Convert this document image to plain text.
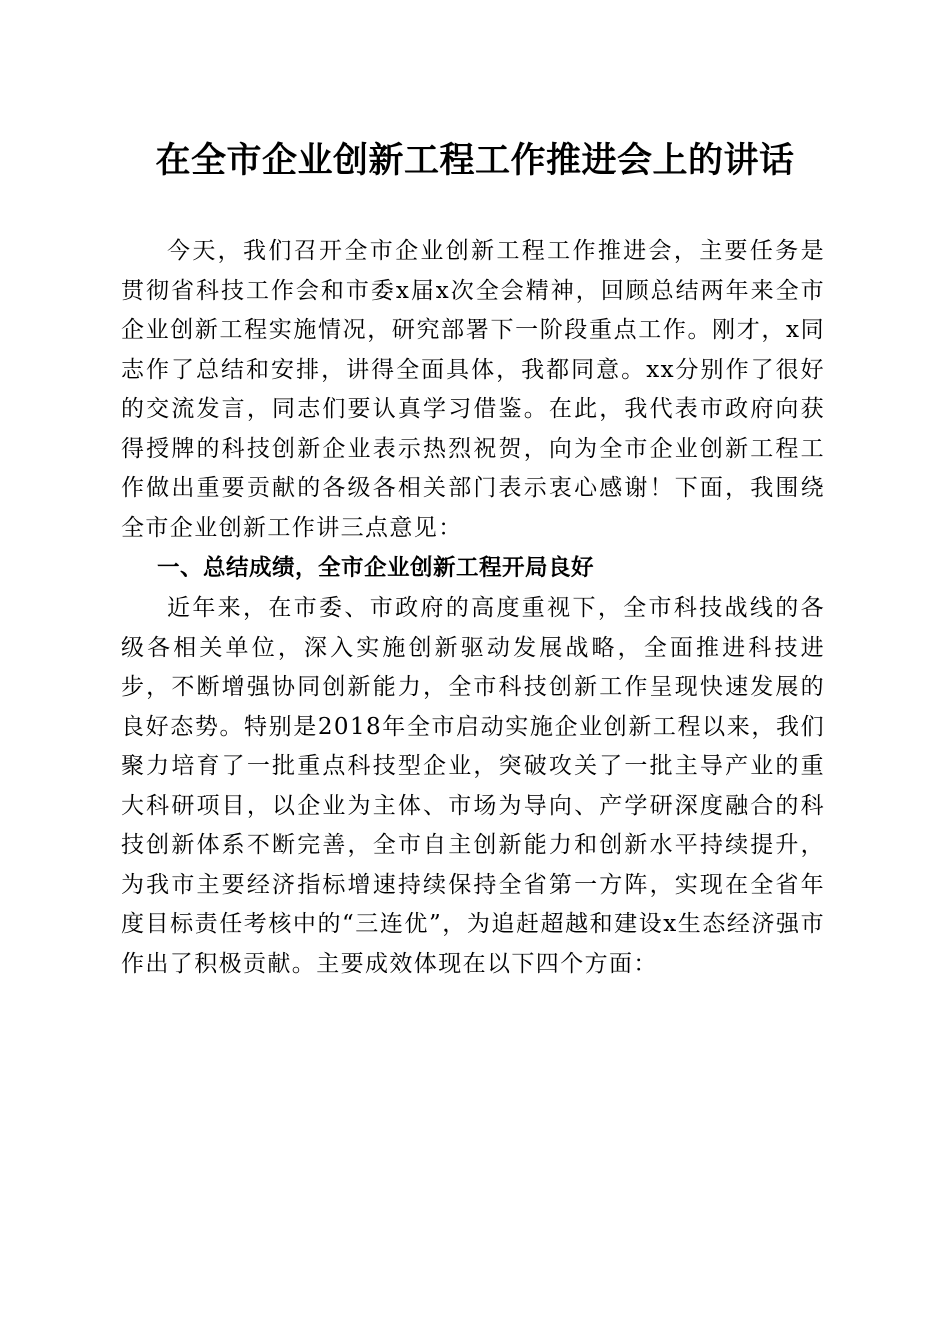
在全市企业创新工程工作推进会上的讲话

今天，我们召开全市企业创新工程工作推进会，主要任务是贯彻省科技工作会和市委x届x次全会精神，回顾总结两年来全市企业创新工程实施情况，研究部署下一阶段重点工作。刚才，x同志作了总结和安排，讲得全面具体，我都同意。xx分别作了很好的交流发言，同志们要认真学习借鉴。在此，我代表市政府向获得授牌的科技创新企业表示热烈祝贺，向为全市企业创新工程工作做出重要贡献的各级各相关部门表示衷心感谢！下面，我围绕全市企业创新工作讲三点意见：

一、总结成绩，全市企业创新工程开局良好

近年来，在市委、市政府的高度重视下，全市科技战线的各级各相关单位，深入实施创新驱动发展战略，全面推进科技进步，不断增强协同创新能力，全市科技创新工作呈现快速发展的良好态势。特别是2018年全市启动实施企业创新工程以来，我们聚力培育了一批重点科技型企业，突破攻关了一批主导产业的重大科研项目，以企业为主体、市场为导向、产学研深度融合的科技创新体系不断完善，全市自主创新能力和创新水平持续提升，为我市主要经济指标增速持续保持全省第一方阵，实现在全省年度目标责任考核中的“三连优”，为追赶超越和建设x生态经济强市作出了积极贡献。主要成效体现在以下四个方面：
